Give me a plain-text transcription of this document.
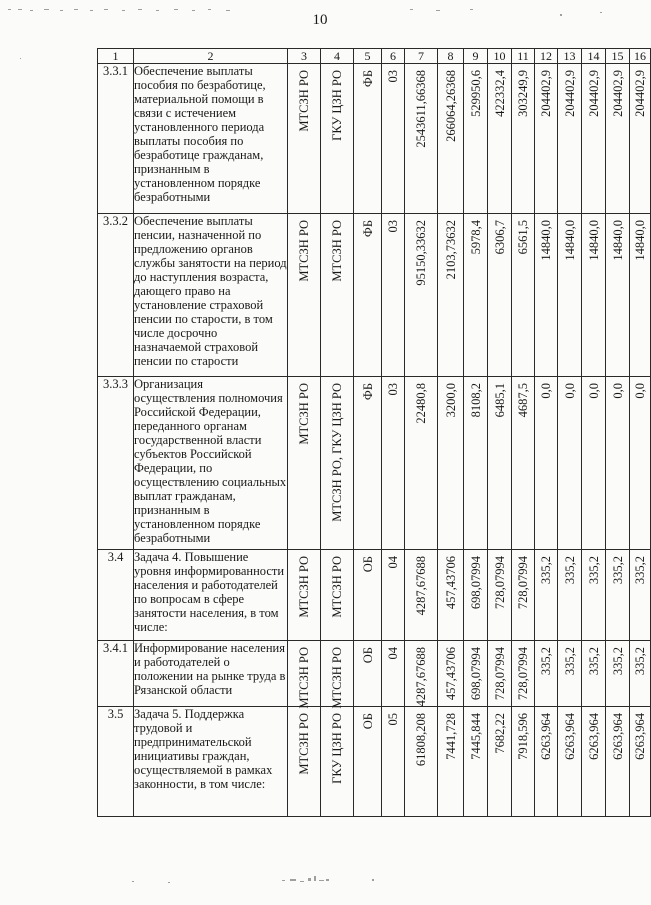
10
1	2	3	4	5	6	7	8	9	10	11	12	13	14	15	16
3.3.1	Обеспечение выплаты пособия по безработице, материальной помощи в связи с истечением установленного периода выплаты пособия по безработице гражданам, признанным в установленном порядке безработными	МТСЗН РО	ГКУ ЦЗН РО	ФБ	03	2543611,66368	266064,26368	529950,6	422332,4	303249,9	204402,9	204402,9	204402,9	204402,9	204402,9

3.3.2	Обеспечение выплаты пенсии, назначенной по предложению органов службы занятости на период до наступления возраста, дающего право на установление страховой пенсии по старости, в том числе досрочно назначаемой страховой пенсии по старости	МТСЗН РО	МТСЗН РО	ФБ	03	95150,33632	2103,73632	5978,4	6306,7	6561,5	14840,0	14840,0	14840,0	14840,0	14840,0

3.3.3	Организация осуществления полномочия Российской Федерации, переданного органам государственной власти субъектов Российской Федерации, по осуществлению социальных выплат гражданам, признанным в установленном порядке безработными	МТСЗН РО	МТСЗН РО, ГКУ ЦЗН РО	ФБ	03	22480,8	3200,0	8108,2	6485,1	4687,5	0,0	0,0	0,0	0,0	0,0

3.4	Задача 4. Повышение уровня информированности населения и работодателей по вопросам в сфере занятости населения, в том числе:	МТСЗН РО	МТСЗН РО	ОБ	04	4287,67688	457,43706	698,07994	728,07994	728,07994	335,2	335,2	335,2	335,2	335,2

3.4.1	Информирование населения и работодателей о положении на рынке труда в Рязанской области	МТСЗН РО	МТСЗН РО	ОБ	04	4287,67688	457,43706	698,07994	728,07994	728,07994	335,2	335,2	335,2	335,2	335,2

3.5	Задача 5. Поддержка трудовой и предпринимательской инициативы граждан, осуществляемой в рамках законности, в том числе:	МТСЗН РО	ГКУ ЦЗН РО	ОБ	05	61808,208	7441,728	7445,844	7682,22	7918,596	6263,964	6263,964	6263,964	6263,964	6263,964
